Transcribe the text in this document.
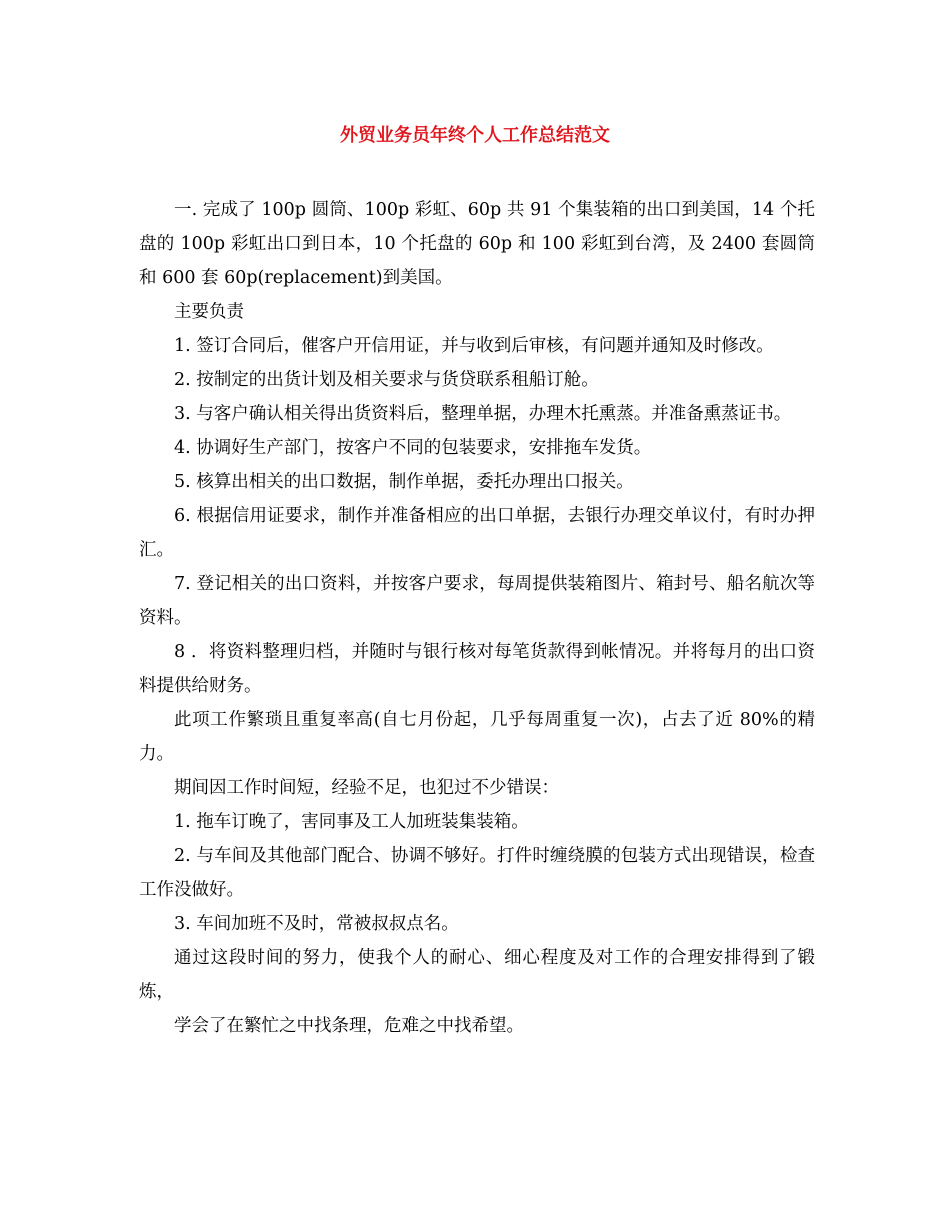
外贸业务员年终个人工作总结范文

一. 完成了 100p 圆筒、100p 彩虹、60p 共 91 个集装箱的出口到美国，14 个托盘的 100p 彩虹出口到日本，10 个托盘的 60p 和 100 彩虹到台湾，及 2400 套圆筒和 600 套 60p(replacement)到美国。

主要负责

1. 签订合同后，催客户开信用证，并与收到后审核，有问题并通知及时修改。

2. 按制定的出货计划及相关要求与货贷联系租船订舱。

3. 与客户确认相关得出货资料后，整理单据，办理木托熏蒸。并准备熏蒸证书。

4. 协调好生产部门，按客户不同的包装要求，安排拖车发货。

5. 核算出相关的出口数据，制作单据，委托办理出口报关。

6. 根据信用证要求，制作并准备相应的出口单据，去银行办理交单议付，有时办押汇。

7. 登记相关的出口资料，并按客户要求，每周提供装箱图片、箱封号、船名航次等资料。

8 ．将资料整理归档，并随时与银行核对每笔货款得到帐情况。并将每月的出口资料提供给财务。

此项工作繁琐且重复率高(自七月份起，几乎每周重复一次)，占去了近 80%的精力。

期间因工作时间短，经验不足，也犯过不少错误：

1. 拖车订晚了，害同事及工人加班装集装箱。

2. 与车间及其他部门配合、协调不够好。打件时缠绕膜的包装方式出现错误，检查工作没做好。

3. 车间加班不及时，常被叔叔点名。

通过这段时间的努力，使我个人的耐心、细心程度及对工作的合理安排得到了锻炼，

学会了在繁忙之中找条理，危难之中找希望。
